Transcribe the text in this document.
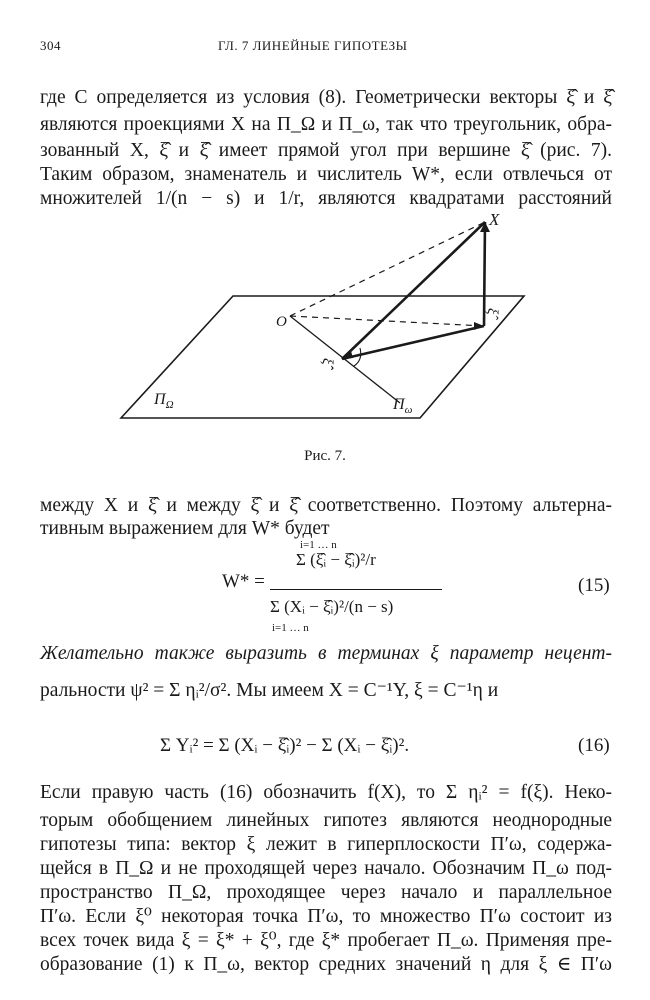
304	ГЛ. 7 ЛИНЕЙНЫЕ ГИПОТЕЗЫ
где C определяется из условия (8). Геометрически векторы ξ̂ и ξ̂̂
являются проекциями X на Π_Ω и Π_ω, так что треугольник, обра-
зованный X, ξ̂ и ξ̂̂ имеет прямой угол при вершине ξ̂ (рис. 7).
Таким образом, знаменатель и числитель W*, если отвлечься от
множителей 1/(n − s) и 1/r, являются квадратами расстояний
X
O
ξ̂
ξ̂̂
$\Pi_\Omega$	$\Pi_\omega$
Рис. 7.
между X и ξ̂ и между ξ̂ и ξ̂̂ соответственно. Поэтому альтерна-
тивным выражением для W* будет
W* =
i=1 … n
Σ (ξ̂ᵢ − ξ̂̂ᵢ)²/r
Σ (Xᵢ − ξ̂ᵢ)²/(n − s)
i=1 … n
(15)
Желательно также выразить в терминах ξ параметр нецент-
ральности ψ² = Σ ηᵢ²/σ². Мы имеем X = C⁻¹Y, ξ = C⁻¹η и
Σ Yᵢ² = Σ (Xᵢ − ξ̂̂ᵢ)² − Σ (Xᵢ − ξ̂ᵢ)².	(16)
Если правую часть (16) обозначить f(X), то Σ ηᵢ² = f(ξ). Неко-
торым обобщением линейных гипотез являются неоднородные
гипотезы типа: вектор ξ лежит в гиперплоскости Π′ω, содержа-
щейся в Π_Ω и не проходящей через начало. Обозначим Π_ω под-
пространство Π_Ω, проходящее через начало и параллельное
Π′ω. Если ξ⁰ некоторая точка Π′ω, то множество Π′ω состоит из
всех точек вида ξ = ξ* + ξ⁰, где ξ* пробегает Π_ω. Применяя пре-
образование (1) к Π_ω, вектор средних значений η для ξ ∈ Π′ω
